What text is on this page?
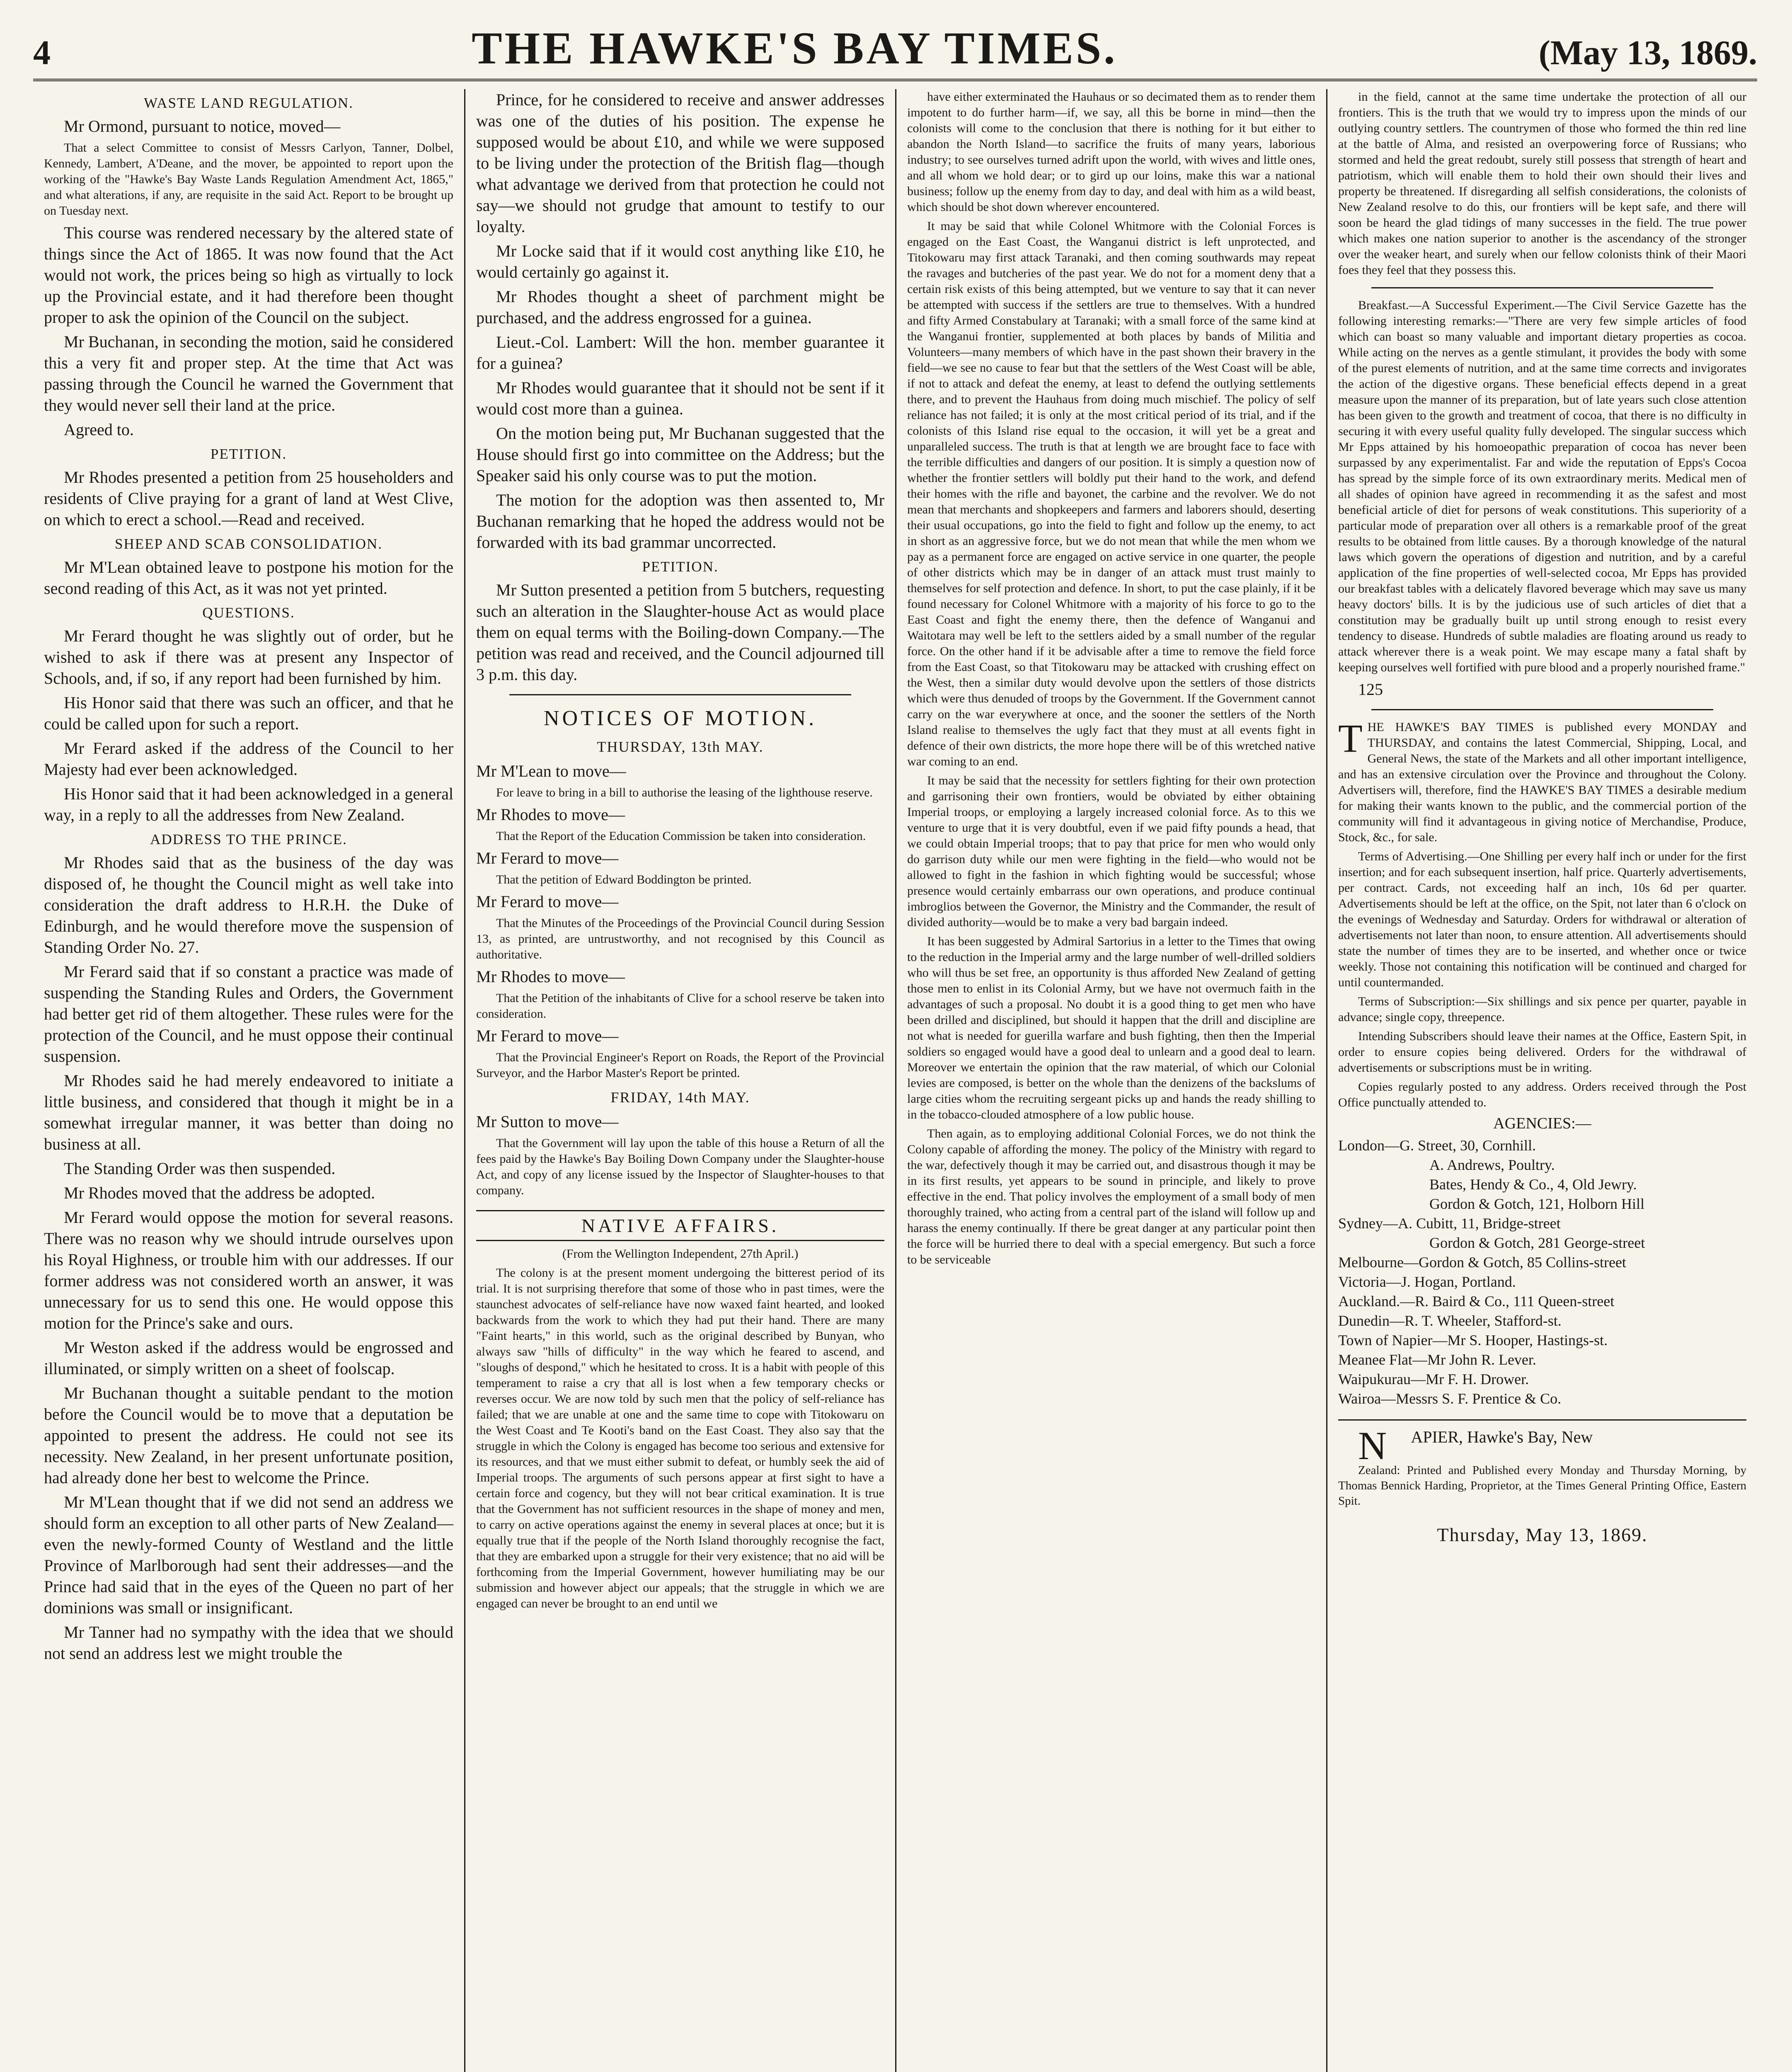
4	THE HAWKE'S BAY TIMES.	(May 13, 1869.
WASTE LAND REGULATION.

Mr Ormond, pursuant to notice, moved—

That a select Committee to consist of Messrs Carlyon, Tanner, Dolbel, Kennedy, Lambert, A'Deane, and the mover, be appointed to report upon the working of the "Hawke's Bay Waste Lands Regulation Amendment Act, 1865," and what alterations, if any, are requisite in the said Act. Report to be brought up on Tuesday next.

This course was rendered necessary by the altered state of things since the Act of 1865. It was now found that the Act would not work, the prices being so high as virtually to lock up the Provincial estate, and it had therefore been thought proper to ask the opinion of the Council on the subject.

Mr Buchanan, in seconding the motion, said he considered this a very fit and proper step. At the time that Act was passing through the Council he warned the Government that they would never sell their land at the price.

Agreed to.

PETITION.

Mr Rhodes presented a petition from 25 householders and residents of Clive praying for a grant of land at West Clive, on which to erect a school.—Read and received.

SHEEP AND SCAB CONSOLIDATION.

Mr M'Lean obtained leave to postpone his motion for the second reading of this Act, as it was not yet printed.

QUESTIONS.

Mr Ferard thought he was slightly out of order, but he wished to ask if there was at present any Inspector of Schools, and, if so, if any report had been furnished by him.

His Honor said that there was such an officer, and that he could be called upon for such a report.

Mr Ferard asked if the address of the Council to her Majesty had ever been acknowledged.

His Honor said that it had been acknowledged in a general way, in a reply to all the addresses from New Zealand.

ADDRESS TO THE PRINCE.

Mr Rhodes said that as the business of the day was disposed of, he thought the Council might as well take into consideration the draft address to H.R.H. the Duke of Edinburgh, and he would therefore move the suspension of Standing Order No. 27.

Mr Ferard said that if so constant a practice was made of suspending the Standing Rules and Orders, the Government had better get rid of them altogether. These rules were for the protection of the Council, and he must oppose their continual suspension.

Mr Rhodes said he had merely endeavored to initiate a little business, and considered that though it might be in a somewhat irregular manner, it was better than doing no business at all.

The Standing Order was then suspended.

Mr Rhodes moved that the address be adopted.

Mr Ferard would oppose the motion for several reasons. There was no reason why we should intrude ourselves upon his Royal Highness, or trouble him with our addresses. If our former address was not considered worth an answer, it was unnecessary for us to send this one. He would oppose this motion for the Prince's sake and ours.

Mr Weston asked if the address would be engrossed and illuminated, or simply written on a sheet of foolscap.

Mr Buchanan thought a suitable pendant to the motion before the Council would be to move that a deputation be appointed to present the address. He could not see its necessity. New Zealand, in her present unfortunate position, had already done her best to welcome the Prince.

Mr M'Lean thought that if we did not send an address we should form an exception to all other parts of New Zealand—even the newly-formed County of Westland and the little Province of Marlborough had sent their addresses—and the Prince had said that in the eyes of the Queen no part of her dominions was small or insignificant.

Mr Tanner had no sympathy with the idea that we should not send an address lest we might trouble the

Prince, for he considered to receive and answer addresses was one of the duties of his position. The expense he supposed would be about £10, and while we were supposed to be living under the protection of the British flag—though what advantage we derived from that protection he could not say—we should not grudge that amount to testify to our loyalty.

Mr Locke said that if it would cost anything like £10, he would certainly go against it.

Mr Rhodes thought a sheet of parchment might be purchased, and the address engrossed for a guinea.

Lieut.-Col. Lambert: Will the hon. member guarantee it for a guinea?

Mr Rhodes would guarantee that it should not be sent if it would cost more than a guinea.

On the motion being put, Mr Buchanan suggested that the House should first go into committee on the Address; but the Speaker said his only course was to put the motion.

The motion for the adoption was then assented to, Mr Buchanan remarking that he hoped the address would not be forwarded with its bad grammar uncorrected.

PETITION.

Mr Sutton presented a petition from 5 butchers, requesting such an alteration in the Slaughter-house Act as would place them on equal terms with the Boiling-down Company.—The petition was read and received, and the Council adjourned till 3 p.m. this day.

NOTICES OF MOTION.
THURSDAY, 13th MAY.

Mr M'Lean to move—

For leave to bring in a bill to authorise the leasing of the lighthouse reserve.

Mr Rhodes to move—

That the Report of the Education Commission be taken into consideration.

Mr Ferard to move—

That the petition of Edward Boddington be printed.

Mr Ferard to move—

That the Minutes of the Proceedings of the Provincial Council during Session 13, as printed, are untrustworthy, and not recognised by this Council as authoritative.

Mr Rhodes to move—

That the Petition of the inhabitants of Clive for a school reserve be taken into consideration.

Mr Ferard to move—

That the Provincial Engineer's Report on Roads, the Report of the Provincial Surveyor, and the Harbor Master's Report be printed.

FRIDAY, 14th MAY.

Mr Sutton to move—

That the Government will lay upon the table of this house a Return of all the fees paid by the Hawke's Bay Boiling Down Company under the Slaughter-house Act, and copy of any license issued by the Inspector of Slaughter-houses to that company.

NATIVE AFFAIRS.

(From the Wellington Independent, 27th April.)

The colony is at the present moment undergoing the bitterest period of its trial. It is not surprising therefore that some of those who in past times, were the staunchest advocates of self-reliance have now waxed faint hearted, and looked backwards from the work to which they had put their hand. There are many "Faint hearts," in this world, such as the original described by Bunyan, who always saw "hills of difficulty" in the way which he feared to ascend, and "sloughs of despond," which he hesitated to cross. It is a habit with people of this temperament to raise a cry that all is lost when a few temporary checks or reverses occur. We are now told by such men that the policy of self-reliance has failed; that we are unable at one and the same time to cope with Titokowaru on the West Coast and Te Kooti's band on the East Coast. They also say that the struggle in which the Colony is engaged has become too serious and extensive for its resources, and that we must either submit to defeat, or humbly seek the aid of Imperial troops. The arguments of such persons appear at first sight to have a certain force and cogency, but they will not bear critical examination. It is true that the Government has not sufficient resources in the shape of money and men, to carry on active operations against the enemy in several places at once; but it is equally true that if the people of the North Island thoroughly recognise the fact, that they are embarked upon a struggle for their very existence; that no aid will be forthcoming from the Imperial Government, however humiliating may be our submission and however abject our appeals; that the struggle in which we are engaged can never be brought to an end until we

have either exterminated the Hauhaus or so decimated them as to render them impotent to do further harm—if, we say, all this be borne in mind—then the colonists will come to the conclusion that there is nothing for it but either to abandon the North Island—to sacrifice the fruits of many years, laborious industry; to see ourselves turned adrift upon the world, with wives and little ones, and all whom we hold dear; or to gird up our loins, make this war a national business; follow up the enemy from day to day, and deal with him as a wild beast, which should be shot down wherever encountered.

It may be said that while Colonel Whitmore with the Colonial Forces is engaged on the East Coast, the Wanganui district is left unprotected, and Titokowaru may first attack Taranaki, and then coming southwards may repeat the ravages and butcheries of the past year. We do not for a moment deny that a certain risk exists of this being attempted, but we venture to say that it can never be attempted with success if the settlers are true to themselves. With a hundred and fifty Armed Constabulary at Taranaki; with a small force of the same kind at the Wanganui frontier, supplemented at both places by bands of Militia and Volunteers—many members of which have in the past shown their bravery in the field—we see no cause to fear but that the settlers of the West Coast will be able, if not to attack and defeat the enemy, at least to defend the outlying settlements there, and to prevent the Hauhaus from doing much mischief. The policy of self reliance has not failed; it is only at the most critical period of its trial, and if the colonists of this Island rise equal to the occasion, it will yet be a great and unparalleled success. The truth is that at length we are brought face to face with the terrible difficulties and dangers of our position. It is simply a question now of whether the frontier settlers will boldly put their hand to the work, and defend their homes with the rifle and bayonet, the carbine and the revolver. We do not mean that merchants and shopkeepers and farmers and laborers should, deserting their usual occupations, go into the field to fight and follow up the enemy, to act in short as an aggressive force, but we do not mean that while the men whom we pay as a permanent force are engaged on active service in one quarter, the people of other districts which may be in danger of an attack must trust mainly to themselves for self protection and defence. In short, to put the case plainly, if it be found necessary for Colonel Whitmore with a majority of his force to go to the East Coast and fight the enemy there, then the defence of Wanganui and Waitotara may well be left to the settlers aided by a small number of the regular force. On the other hand if it be advisable after a time to remove the field force from the East Coast, so that Titokowaru may be attacked with crushing effect on the West, then a similar duty would devolve upon the settlers of those districts which were thus denuded of troops by the Government. If the Government cannot carry on the war everywhere at once, and the sooner the settlers of the North Island realise to themselves the ugly fact that they must at all events fight in defence of their own districts, the more hope there will be of this wretched native war coming to an end.

It may be said that the necessity for settlers fighting for their own protection and garrisoning their own frontiers, would be obviated by either obtaining Imperial troops, or employing a largely increased colonial force. As to this we venture to urge that it is very doubtful, even if we paid fifty pounds a head, that we could obtain Imperial troops; that to pay that price for men who would only do garrison duty while our men were fighting in the field—who would not be allowed to fight in the fashion in which fighting would be successful; whose presence would certainly embarrass our own operations, and produce continual imbroglios between the Governor, the Ministry and the Commander, the result of divided authority—would be to make a very bad bargain indeed.

It has been suggested by Admiral Sartorius in a letter to the Times that owing to the reduction in the Imperial army and the large number of well-drilled soldiers who will thus be set free, an opportunity is thus afforded New Zealand of getting those men to enlist in its Colonial Army, but we have not overmuch faith in the advantages of such a proposal. No doubt it is a good thing to get men who have been drilled and disciplined, but should it happen that the drill and discipline are not what is needed for guerilla warfare and bush fighting, then then the Imperial soldiers so engaged would have a good deal to unlearn and a good deal to learn. Moreover we entertain the opinion that the raw material, of which our Colonial levies are composed, is better on the whole than the denizens of the backslums of large cities whom the recruiting sergeant picks up and hands the ready shilling to in the tobacco-clouded atmosphere of a low public house.

Then again, as to employing additional Colonial Forces, we do not think the Colony capable of affording the money. The policy of the Ministry with regard to the war, defectively though it may be carried out, and disastrous though it may be in its first results, yet appears to be sound in principle, and likely to prove effective in the end. That policy involves the employment of a small body of men thoroughly trained, who acting from a central part of the island will follow up and harass the enemy continually. If there be great danger at any particular point then the force will be hurried there to deal with a special emergency. But such a force to be serviceable

in the field, cannot at the same time undertake the protection of all our frontiers. This is the truth that we would try to impress upon the minds of our outlying country settlers. The countrymen of those who formed the thin red line at the battle of Alma, and resisted an overpowering force of Russians; who stormed and held the great redoubt, surely still possess that strength of heart and patriotism, which will enable them to hold their own should their lives and property be threatened. If disregarding all selfish considerations, the colonists of New Zealand resolve to do this, our frontiers will be kept safe, and there will soon be heard the glad tidings of many successes in the field. The true power which makes one nation superior to another is the ascendancy of the stronger over the weaker heart, and surely when our fellow colonists think of their Maori foes they feel that they possess this.

Breakfast.—A Successful Experiment.—The Civil Service Gazette has the following interesting remarks:—"There are very few simple articles of food which can boast so many valuable and important dietary properties as cocoa. While acting on the nerves as a gentle stimulant, it provides the body with some of the purest elements of nutrition, and at the same time corrects and invigorates the action of the digestive organs. These beneficial effects depend in a great measure upon the manner of its preparation, but of late years such close attention has been given to the growth and treatment of cocoa, that there is no difficulty in securing it with every useful quality fully developed. The singular success which Mr Epps attained by his homoeopathic preparation of cocoa has never been surpassed by any experimentalist. Far and wide the reputation of Epps's Cocoa has spread by the simple force of its own extraordinary merits. Medical men of all shades of opinion have agreed in recommending it as the safest and most beneficial article of diet for persons of weak constitutions. This superiority of a particular mode of preparation over all others is a remarkable proof of the great results to be obtained from little causes. By a thorough knowledge of the natural laws which govern the operations of digestion and nutrition, and by a careful application of the fine properties of well-selected cocoa, Mr Epps has provided our breakfast tables with a delicately flavored beverage which may save us many heavy doctors' bills. It is by the judicious use of such articles of diet that a constitution may be gradually built up until strong enough to resist every tendency to disease. Hundreds of subtle maladies are floating around us ready to attack wherever there is a weak point. We may escape many a fatal shaft by keeping ourselves well fortified with pure blood and a properly nourished frame."

125

THE HAWKE'S BAY TIMES is published every MONDAY and THURSDAY, and contains the latest Commercial, Shipping, Local, and General News, the state of the Markets and all other important intelligence, and has an extensive circulation over the Province and throughout the Colony. Advertisers will, therefore, find the HAWKE'S BAY TIMES a desirable medium for making their wants known to the public, and the commercial portion of the community will find it advantageous in giving notice of Merchandise, Produce, Stock, &c., for sale.

Terms of Advertising.—One Shilling per every half inch or under for the first insertion; and for each subsequent insertion, half price. Quarterly advertisements, per contract. Cards, not exceeding half an inch, 10s 6d per quarter. Advertisements should be left at the office, on the Spit, not later than 6 o'clock on the evenings of Wednesday and Saturday. Orders for withdrawal or alteration of advertisements not later than noon, to ensure attention. All advertisements should state the number of times they are to be inserted, and whether once or twice weekly. Those not containing this notification will be continued and charged for until countermanded.

Terms of Subscription:—Six shillings and six pence per quarter, payable in advance; single copy, threepence.

Intending Subscribers should leave their names at the Office, Eastern Spit, in order to ensure copies being delivered. Orders for the withdrawal of advertisements or subscriptions must be in writing.

Copies regularly posted to any address. Orders received through the Post Office punctually attended to.

AGENCIES:—
London—G. Street, 30, Cornhill.
A. Andrews, Poultry.
Bates, Hendy & Co., 4, Old Jewry.
Gordon & Gotch, 121, Holborn Hill
Sydney—A. Cubitt, 11, Bridge-street
Gordon & Gotch, 281 George-street
Melbourne—Gordon & Gotch, 85 Collins-street
Victoria—J. Hogan, Portland.
Auckland.—R. Baird & Co., 111 Queen-street
Dunedin—R. T. Wheeler, Stafford-st.
Town of Napier—Mr S. Hooper, Hastings-st.
Meanee Flat—Mr John R. Lever.
Waipukurau—Mr F. H. Drower.
Wairoa—Messrs S. F. Prentice & Co.

N APIER, Hawke's Bay, New

Zealand: Printed and Published every Monday and Thursday Morning, by Thomas Bennick Harding, Proprietor, at the Times General Printing Office, Eastern Spit.

Thursday, May 13, 1869.
